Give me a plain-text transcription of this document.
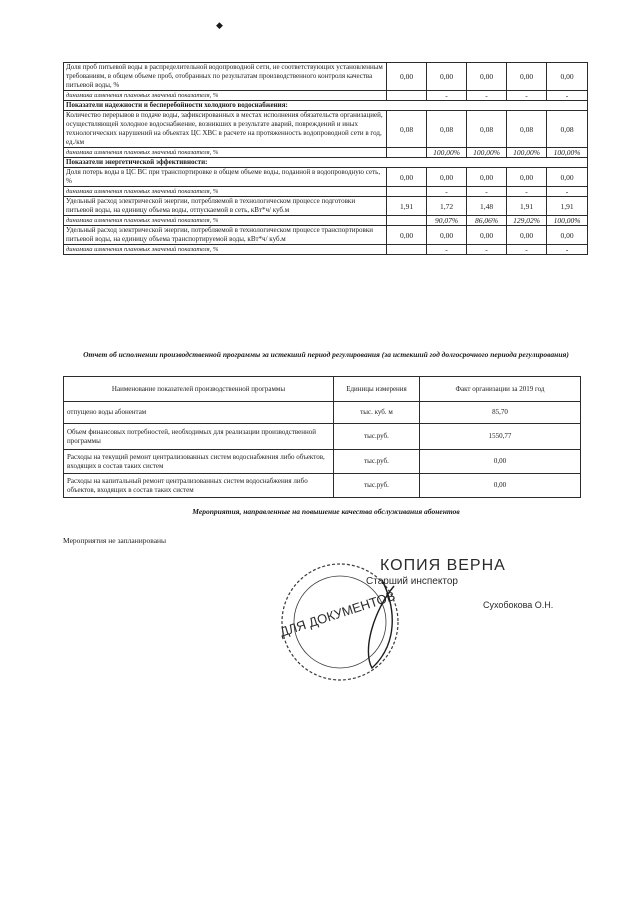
◆
Доля проб питьевой воды в распределительной водопроводной сети, не соответствующих установленным требованиям, в общем объеме проб, отобранных по результатам производственного контроля качества питьевой воды, %	0,00	0,00	0,00	0,00	0,00
динамика изменения плановых значений показателя, %		-	-	-	-
Показатели надежности и бесперебойности холодного водоснабжения:					
Количество перерывов в подаче воды, зафиксированных в местах исполнения обязательств организацией, осуществляющей холодное водоснабжение, возникших в результате аварий, повреждений и иных технологических нарушений на объектах ЦС ХВС в расчете на протяженность водопроводной сети в год, ед./км	0,08	0,08	0,08	0,08	0,08
динамика изменения плановых значений показателя, %		100,00%	100,00%	100,00%	100,00%
Показатели энергетической эффективности:					
Доля потерь воды в ЦС ВС при транспортировке в общем объеме воды, поданной в водопроводную сеть, %	0,00	0,00	0,00	0,00	0,00
динамика изменения плановых значений показателя, %		-	-	-	-
Удельный расход электрической энергии, потребляемой в технологическом процессе подготовки питьевой воды, на единицу объема воды, отпускаемой в сеть, кВт*ч/ куб.м	1,91	1,72	1,48	1,91	1,91
динамика изменения плановых значений показателя, %		90,07%	86,06%	129,02%	100,00%
Удельный расход электрической энергии, потребляемой в технологическом процессе транспортировки питьевой воды, на единицу объема транспортируемой воды, кВт*ч/ куб.м	0,00	0,00	0,00	0,00	0,00
динамика изменения плановых значений показателя, %		-	-	-	-
Отчет об исполнении производственной программы за истекший период регулирования (за истекший год долгосрочного периода регулирования)
Наименование показателей производственной программы	Единицы измерения	Факт организации за 2019 год
отпущено воды абонентам	тыс. куб. м	85,70
Объем финансовых потребностей, необходимых для реализации производственной программы	тыс.руб.	1550,77
Расходы на текущий ремонт централизованных систем водоснабжения либо объектов, входящих в состав таких систем	тыс.руб.	0,00
Расходы на капитальный ремонт централизованных систем водоснабжения либо объектов, входящих в состав таких систем	тыс.руб.	0,00
Мероприятия, направленные на повышение качества обслуживания абонентов
Мероприятия не запланированы
ДЛЯ ДОКУМЕНТОВ
КОПИЯ ВЕРНА
Старший инспектор
Сухобокова О.Н.
